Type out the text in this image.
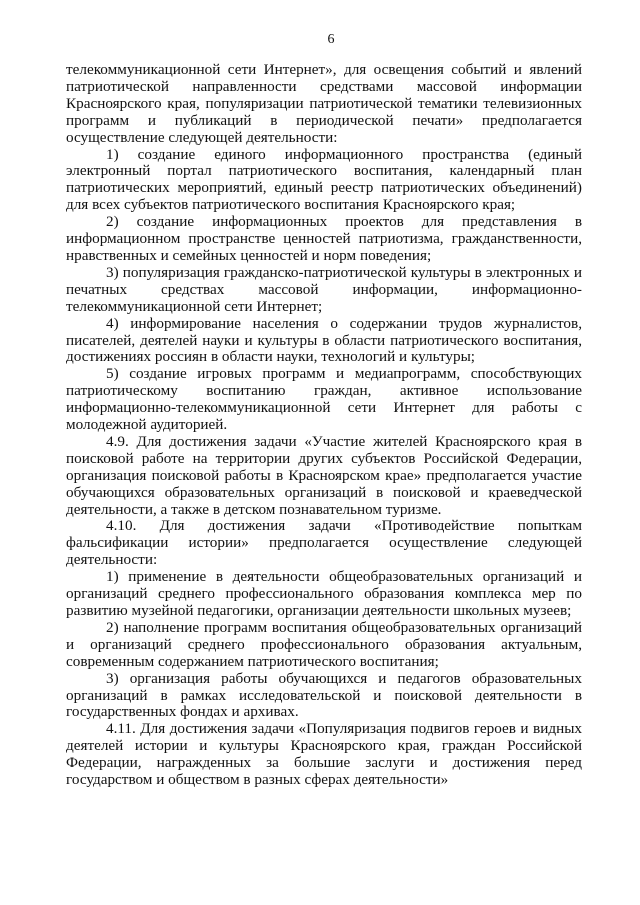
6

телекоммуникационной сети Интернет», для освещения событий и явлений патриотической направленности средствами массовой информации Красноярского края, популяризации патриотической тематики телевизионных программ и публикаций в периодической печати» предполагается осуществление следующей деятельности:

1) создание единого информационного пространства (единый электронный портал патриотического воспитания, календарный план патриотических мероприятий, единый реестр патриотических объединений) для всех субъектов патриотического воспитания Красноярского края;

2) создание информационных проектов для представления в информационном пространстве ценностей патриотизма, гражданственности, нравственных и семейных ценностей и норм поведения;

3) популяризация гражданско-патриотической культуры в электронных и печатных средствах массовой информации, информационно-телекоммуникационной сети Интернет;

4) информирование населения о содержании трудов журналистов, писателей, деятелей науки и культуры в области патриотического воспитания, достижениях россиян в области науки, технологий и культуры;

5) создание игровых программ и медиапрограмм, способствующих патриотическому воспитанию граждан, активное использование информационно-телекоммуникационной сети Интернет для работы с молодежной аудиторией.

4.9. Для достижения задачи «Участие жителей Красноярского края в поисковой работе на территории других субъектов Российской Федерации, организация поисковой работы в Красноярском крае» предполагается участие обучающихся образовательных организаций в поисковой и краеведческой деятельности, а также в детском познавательном туризме.

4.10. Для достижения задачи «Противодействие попыткам фальсификации истории» предполагается осуществление следующей деятельности:

1) применение в деятельности общеобразовательных организаций и организаций среднего профессионального образования комплекса мер по развитию музейной педагогики, организации деятельности школьных музеев;

2) наполнение программ воспитания общеобразовательных организаций и организаций среднего профессионального образования актуальным, современным содержанием патриотического воспитания;

3) организация работы обучающихся и педагогов образовательных организаций в рамках исследовательской и поисковой деятельности в государственных фондах и архивах.

4.11. Для достижения задачи «Популяризация подвигов героев и видных деятелей истории и культуры Красноярского края, граждан Российской Федерации, награжденных за большие заслуги и достижения перед государством и обществом в разных сферах деятельности»
